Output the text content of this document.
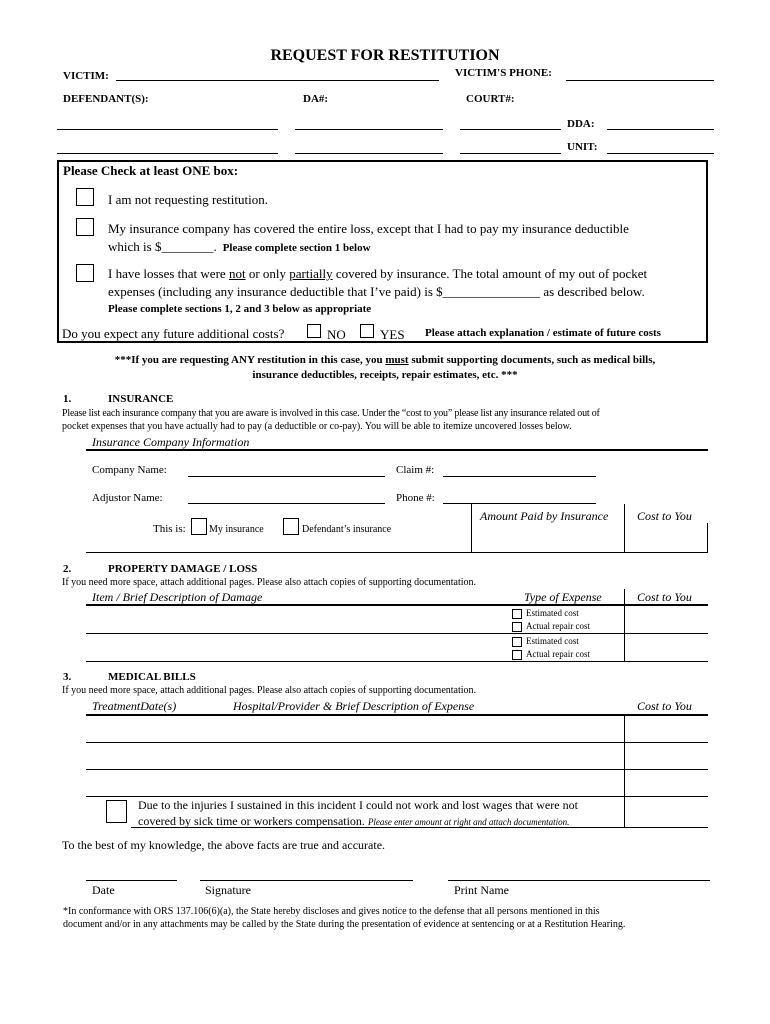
REQUEST FOR RESTITUTION
VICTIM:	VICTIM'S PHONE:
DEFENDANT(S):	DA#:	COURT#:
DDA:
UNIT:
Please Check at least ONE box:
I am not requesting restitution.
My insurance company has covered the entire loss, except that I had to pay my insurance deductible
which is $________. Please complete section 1 below
I have losses that were not or only partially covered by insurance. The total amount of my out of pocket
expenses (including any insurance deductible that I’ve paid) is $_______________ as described below.
Please complete sections 1, 2 and 3 below as appropriate
Do you expect any future additional costs?	NO	YES Please attach explanation / estimate of future costs
***If you are requesting ANY restitution in this case, you must submit supporting documents, such as medical bills,
insurance deductibles, receipts, repair estimates, etc. ***
1.	INSURANCE
Please list each insurance company that you are aware is involved in this case. Under the “cost to you” please list any insurance related out of
pocket expenses that you have actually had to pay (a deductible or co-pay). You will be able to itemize uncovered losses below.
Insurance Company Information
Company Name:	Claim #:
Adjustor Name:	Phone #:
Amount Paid by Insurance Cost to You
This is: My insurance	Defendant’s insurance
2.	PROPERTY DAMAGE / LOSS
If you need more space, attach additional pages. Please also attach copies of supporting documentation.
Item / Brief Description of Damage	Type of Expense	Cost to You
Estimated cost
Actual repair cost
Estimated cost
Actual repair cost
3.	MEDICAL BILLS
If you need more space, attach additional pages. Please also attach copies of supporting documentation.
TreatmentDate(s)	Hospital/Provider & Brief Description of Expense	Cost to You
Due to the injuries I sustained in this incident I could not work and lost wages that were not
covered by sick time or workers compensation. Please enter amount at right and attach documentation.
To the best of my knowledge, the above facts are true and accurate.
Date	Signature	Print Name
*In conformance with ORS 137.106(6)(a), the State hereby discloses and gives notice to the defense that all persons mentioned in this
document and/or in any attachments may be called by the State during the presentation of evidence at sentencing or at a Restitution Hearing.
